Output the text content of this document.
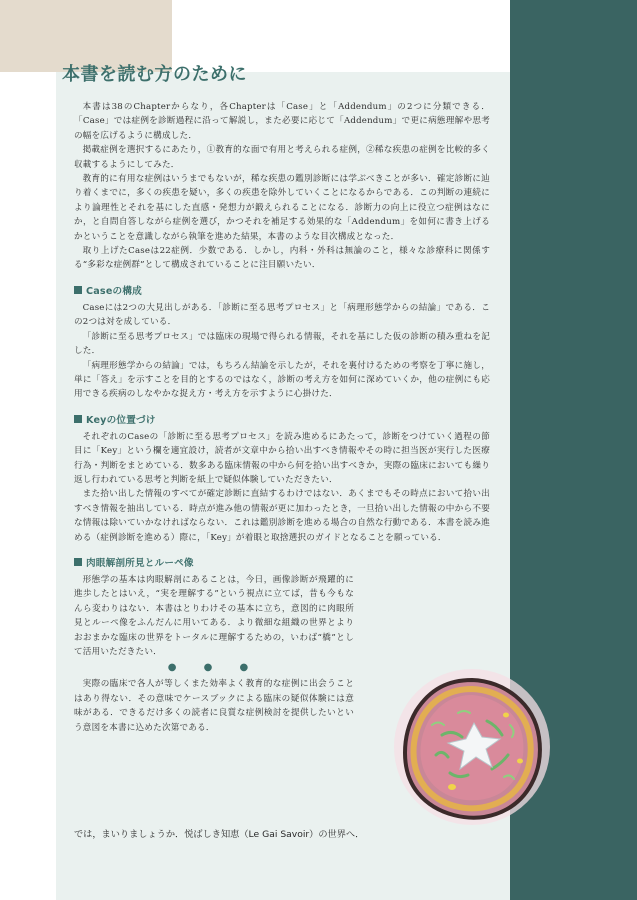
本書を読む方のために

本書は38のChapterからなり，各Chapterは「Case」と「Addendum」の2つに分類できる．「Case」では症例を診断過程に沿って解説し，また必要に応じて「Addendum」で更に病態理解や思考の幅を広げるように構成した．

掲載症例を選択するにあたり，①教育的な面で有用と考えられる症例，②稀な疾患の症例を比較的多く収載するようにしてみた．

教育的に有用な症例はいうまでもないが，稀な疾患の鑑別診断には学ぶべきことが多い．確定診断に辿り着くまでに，多くの疾患を疑い，多くの疾患を除外していくことになるからである．この判断の連続により論理性とそれを基にした直感・発想力が鍛えられることになる．診断力の向上に役立つ症例はなにか，と自問自答しながら症例を選び，かつそれを補足する効果的な「Addendum」を如何に書き上げるかということを意識しながら執筆を進めた結果，本書のような目次構成となった．

取り上げたCaseは22症例．少数である．しかし，内科・外科は無論のこと，様々な診療科に関係する“多彩な症例群”として構成されていることに注目願いたい．

Caseの構成

Caseには2つの大見出しがある．「診断に至る思考プロセス」と「病理形態学からの結論」である．この2つは対を成している．

「診断に至る思考プロセス」では臨床の現場で得られる情報，それを基にした仮の診断の積み重ねを記した．

「病理形態学からの結論」では，もちろん結論を示したが，それを裏付けるための考察を丁寧に施し，単に「答え」を示すことを目的とするのではなく，診断の考え方を如何に深めていくか，他の症例にも応用できる疾病のしなやかな捉え方・考え方を示すように心掛けた．

Keyの位置づけ

それぞれのCaseの「診断に至る思考プロセス」を読み進めるにあたって，診断をつけていく過程の節目に「Key」という欄を適宜設け，読者が文章中から拾い出すべき情報やその時に担当医が実行した医療行為・判断をまとめている．数多ある臨床情報の中から何を拾い出すべきか，実際の臨床においても繰り返し行われている思考と判断を紙上で疑似体験していただきたい．

また拾い出した情報のすべてが確定診断に直結するわけではない．あくまでもその時点において拾い出すべき情報を抽出している．時点が進み他の情報が更に加わったとき，一旦拾い出した情報の中から不要な情報は除いていかなければならない．これは鑑別診断を進める場合の自然な行動である．本書を読み進める（症例診断を進める）際に，「Key」が着眼と取捨選択のガイドとなることを願っている．

肉眼解剖所見とルーペ像

形態学の基本は肉眼解剖にあることは，今日，画像診断が飛躍的に進歩したとはいえ，“実を理解する”という視点に立てば，昔も今もなんら変わりはない．本書はとりわけその基本に立ち，意図的に肉眼所見とルーペ像をふんだんに用いてある．より微細な組織の世界とよりおおまかな臨床の世界をトータルに理解するための，いわば“橋”として活用いただきたい．

● ● ●

実際の臨床で各人が等しくまた効率よく教育的な症例に出会うことはあり得ない．その意味でケースブックによる臨床の疑似体験には意味がある．できるだけ多くの読者に良質な症例検討を提供したいという意図を本書に込めた次第である．

では，まいりましょうか．悦ばしき知恵（Le Gai Savoir）の世界へ．
